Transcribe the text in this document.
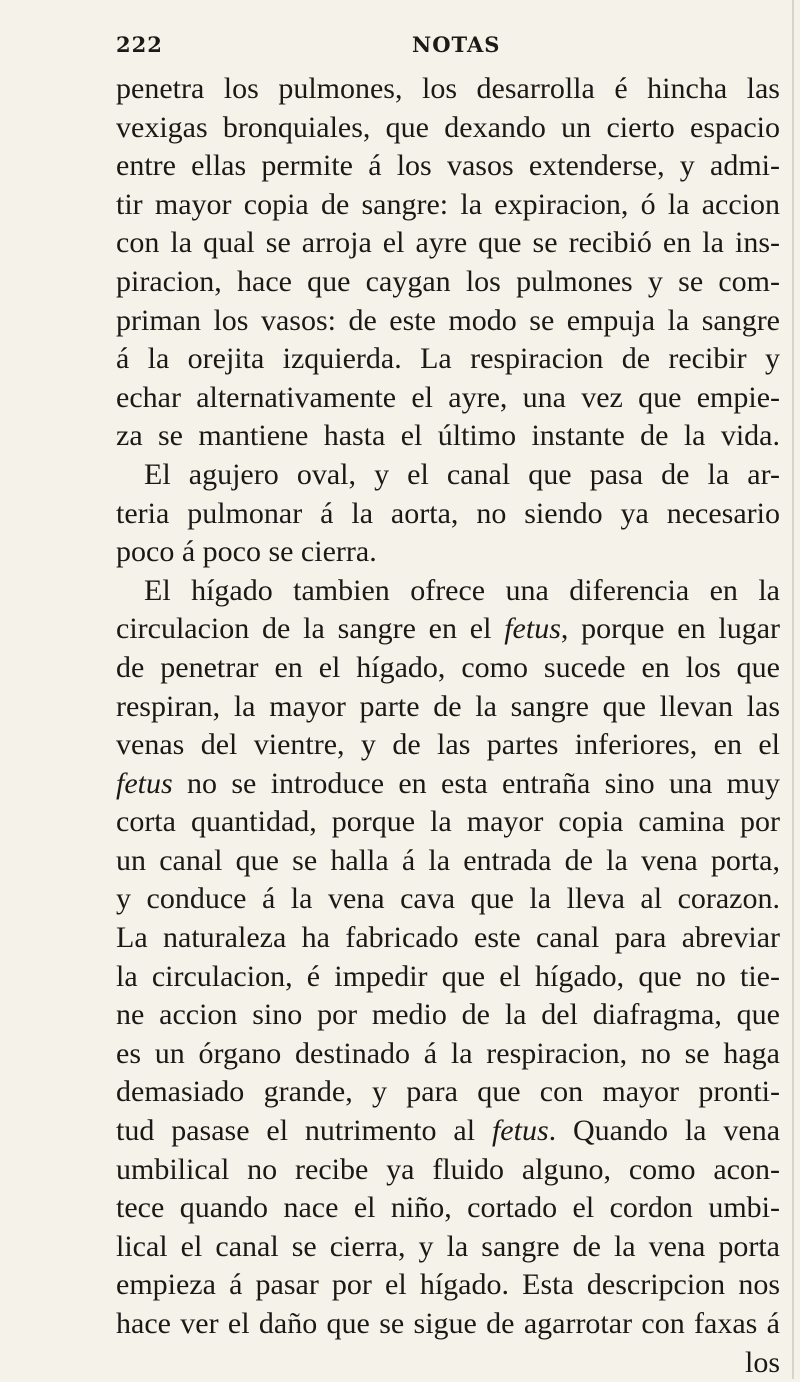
222	NOTAS
penetra los pulmones, los desarrolla é hincha las
vexigas bronquiales, que dexando un cierto espacio
entre ellas permite á los vasos extenderse, y admi-
tir mayor copia de sangre: la expiracion, ó la accion
con la qual se arroja el ayre que se recibió en la ins-
piracion, hace que caygan los pulmones y se com-
priman los vasos: de este modo se empuja la sangre
á la orejita izquierda. La respiracion de recibir y
echar alternativamente el ayre, una vez que empie-
za se mantiene hasta el último instante de la vida.
El agujero oval, y el canal que pasa de la ar-
teria pulmonar á la aorta, no siendo ya necesario
poco á poco se cierra.
El hígado tambien ofrece una diferencia en la
circulacion de la sangre en el fetus, porque en lugar
de penetrar en el hígado, como sucede en los que
respiran, la mayor parte de la sangre que llevan las
venas del vientre, y de las partes inferiores, en el
fetus no se introduce en esta entraña sino una muy
corta quantidad, porque la mayor copia camina por
un canal que se halla á la entrada de la vena porta,
y conduce á la vena cava que la lleva al corazon.
La naturaleza ha fabricado este canal para abreviar
la circulacion, é impedir que el hígado, que no tie-
ne accion sino por medio de la del diafragma, que
es un órgano destinado á la respiracion, no se haga
demasiado grande, y para que con mayor pronti-
tud pasase el nutrimento al fetus. Quando la vena
umbilical no recibe ya fluido alguno, como acon-
tece quando nace el niño, cortado el cordon umbi-
lical el canal se cierra, y la sangre de la vena porta
empieza á pasar por el hígado. Esta descripcion nos
hace ver el daño que se sigue de agarrotar con faxas á
los
